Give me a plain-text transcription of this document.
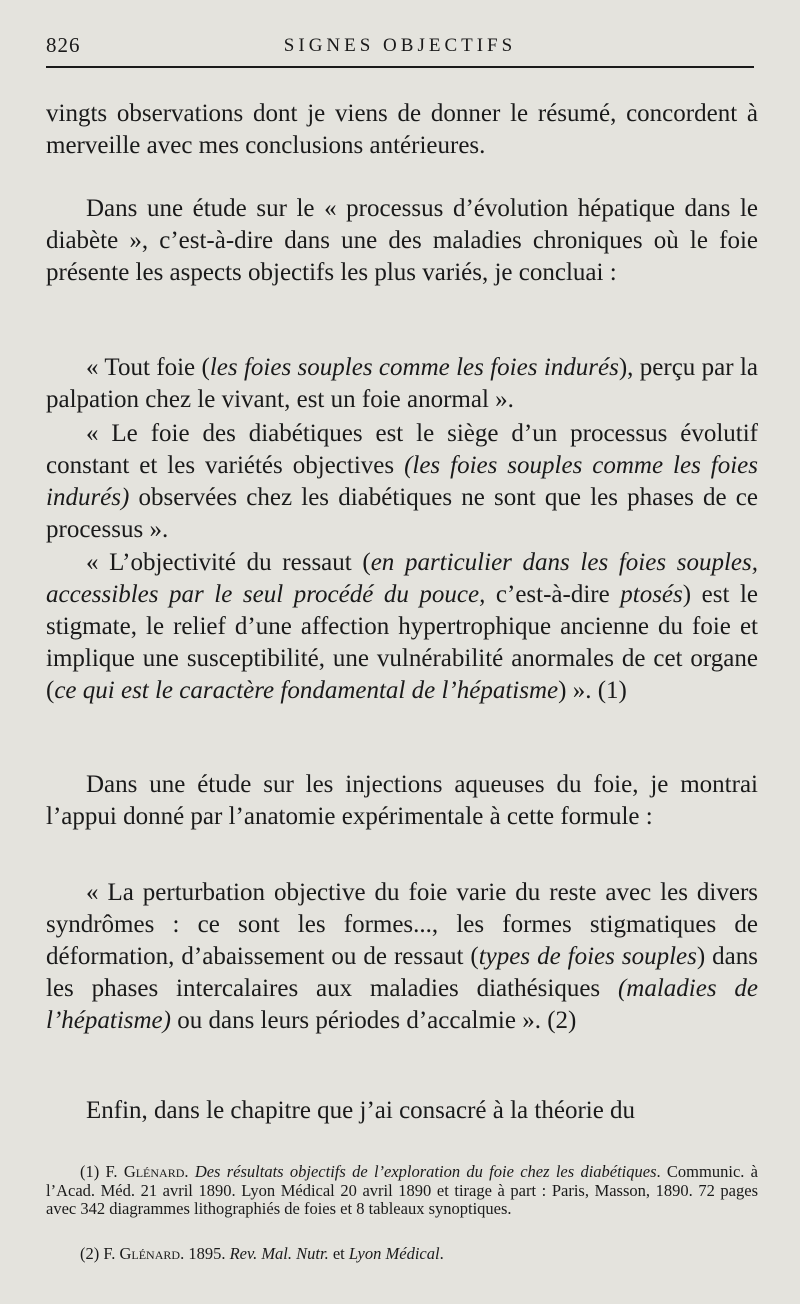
826	SIGNES OBJECTIFS

vingts observations dont je viens de donner le résumé, concordent à merveille avec mes conclusions antérieures.

Dans une étude sur le « processus d’évolution hépatique dans le diabète », c’est-à-dire dans une des maladies chroniques où le foie présente les aspects objectifs les plus variés, je concluai :

« Tout foie (les foies souples comme les foies indurés), perçu par la palpation chez le vivant, est un foie anormal ».

« Le foie des diabétiques est le siège d’un processus évolutif constant et les variétés objectives (les foies souples comme les foies indurés) observées chez les diabétiques ne sont que les phases de ce processus ».

« L’objectivité du ressaut (en particulier dans les foies souples, accessibles par le seul procédé du pouce, c’est-à-dire ptosés) est le stigmate, le relief d’une affection hypertrophique ancienne du foie et implique une susceptibilité, une vulnérabilité anormales de cet organe (ce qui est le caractère fondamental de l’hépatisme) ». (1)

Dans une étude sur les injections aqueuses du foie, je montrai l’appui donné par l’anatomie expérimentale à cette formule :

« La perturbation objective du foie varie du reste avec les divers syndrômes : ce sont les formes..., les formes stigmatiques de déformation, d’abaissement ou de ressaut (types de foies souples) dans les phases intercalaires aux maladies diathésiques (maladies de l’hépatisme) ou dans leurs périodes d’accalmie ». (2)

Enfin, dans le chapitre que j’ai consacré à la théorie du

(1) F. Glénard. Des résultats objectifs de l’exploration du foie chez les diabétiques. Communic. à l’Acad. Méd. 21 avril 1890. Lyon Médical 20 avril 1890 et tirage à part : Paris, Masson, 1890. 72 pages avec 342 diagrammes lithographiés de foies et 8 tableaux synoptiques.

(2) F. Glénard. 1895. Rev. Mal. Nutr. et Lyon Médical.
